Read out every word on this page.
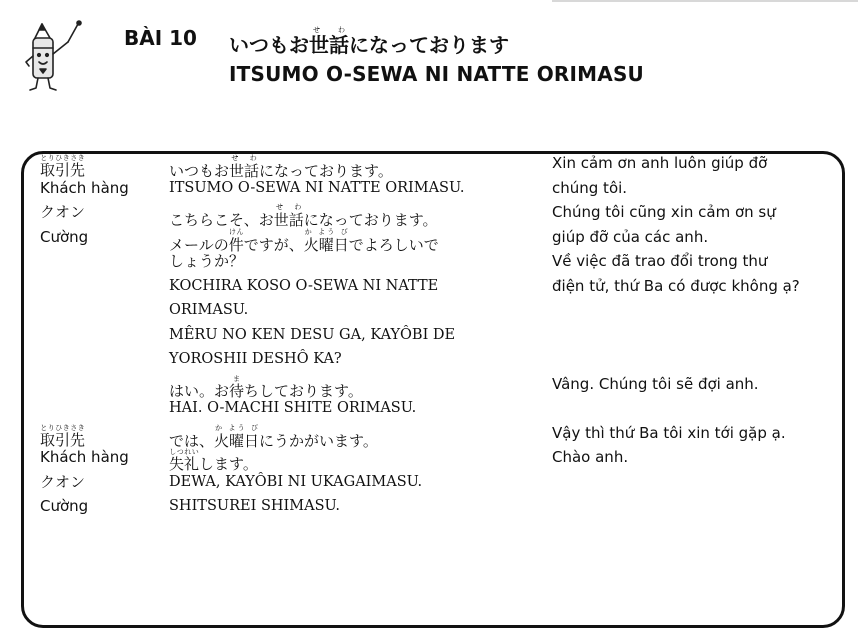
BÀI 10 いつもお世話せ わになっております
ITSUMO O-SEWA NI NATTE ORIMASU
取引先とりひきさき
Khách hàng
クオン
Cường
取引先とりひきさき
Khách hàng
クオン
Cường
いつもお世話せ わになっております。
ITSUMO O-SEWA NI NATTE ORIMASU.
こちらこそ、お世話せ わになっております。
メールの件けんですが、火曜日か よう びでよろしいで
しょうか？
KOCHIRA KOSO O-SEWA NI NATTE
ORIMASU.
MÊRU NO KEN DESU GA, KAYÔBI DE
YOROSHII DESHÔ KA?
はい。お待まちしております。
HAI. O-MACHI SHITE ORIMASU.
では、火曜日か よう びにうかがいます。
失礼しつれいします。
DEWA, KAYÔBI NI UKAGAIMASU.
SHITSUREI SHIMASU.
Xin cảm ơn anh luôn giúp đỡ
chúng tôi.
Chúng tôi cũng xin cảm ơn sự
giúp đỡ của các anh.
Về việc đã trao đổi trong thư
điện tử, thứ Ba có được không ạ?
Vâng. Chúng tôi sẽ đợi anh.
Vậy thì thứ Ba tôi xin tới gặp ạ.
Chào anh.
